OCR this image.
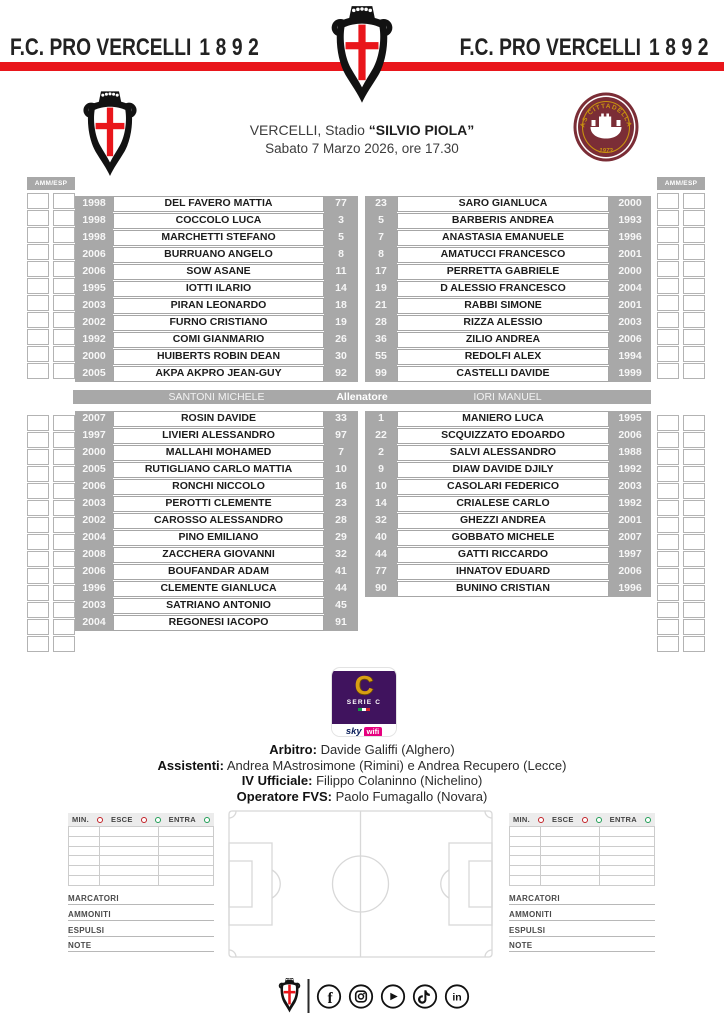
F.C. PRO VERCELLI 1892	F.C. PRO VERCELLI 1892
VERCELLI, Stadio “SILVIO PIOLA”
Sabato 7 Marzo 2026, ore 17.30
AMM/ESP	AMM/ESP
1998	DEL FAVERO MATTIA	77
1998	COCCOLO LUCA	3
1998	MARCHETTI STEFANO	5
2006	BURRUANO ANGELO	8
2006	SOW ASANE	11
1995	IOTTI ILARIO	14
2003	PIRAN LEONARDO	18
2002	FURNO CRISTIANO	19
1992	COMI GIANMARIO	26
2000	HUIBERTS ROBIN DEAN	30
2005	AKPA AKPRO JEAN-GUY	92
23	SARO GIANLUCA	2000
5	BARBERIS ANDREA	1993
7	ANASTASIA EMANUELE	1996
8	AMATUCCI FRANCESCO	2001
17	PERRETTA GABRIELE	2000
19	D ALESSIO FRANCESCO	2004
21	RABBI SIMONE	2001
28	RIZZA ALESSIO	2003
36	ZILIO ANDREA	2006
55	REDOLFI ALEX	1994
99	CASTELLI DAVIDE	1999
SANTONI MICHELE	Allenatore	IORI MANUEL
2007	ROSIN DAVIDE	33
1997	LIVIERI ALESSANDRO	97
2000	MALLAHI MOHAMED	7
2005	RUTIGLIANO CARLO MATTIA	10
2006	RONCHI NICCOLO	16
2003	PEROTTI CLEMENTE	23
2002	CAROSSO ALESSANDRO	28
2004	PINO EMILIANO	29
2008	ZACCHERA GIOVANNI	32
2006	BOUFANDAR ADAM	41
1996	CLEMENTE GIANLUCA	44
2003	SATRIANO ANTONIO	45
2004	REGONESI IACOPO	91
1	MANIERO LUCA	1995
22	SCQUIZZATO EDOARDO	2006
2	SALVI ALESSANDRO	1988
9	DIAW DAVIDE DJILY	1992
10	CASOLARI FEDERICO	2003
14	CRIALESE CARLO	1992
32	GHEZZI ANDREA	2001
40	GOBBATO MICHELE	2007
44	GATTI RICCARDO	1997
77	IHNATOV EDUARD	2006
90	BUNINO CRISTIAN	1996
C
SERIE C
sky wifi
Arbitro: Davide Galiffi (Alghero)
Assistenti: Andrea MAstrosimone (Rimini) e Andrea Recupero (Lecce)
IV Ufficiale: Filippo Colaninno (Nichelino)
Operatore FVS: Paolo Fumagallo (Novara)
MIN.	ESCE	ENTRA
MARCATORI
AMMONITI
ESPULSI
NOTE
MIN.	ESCE	ENTRA
MARCATORI
AMMONITI
ESPULSI
NOTE
f	in
